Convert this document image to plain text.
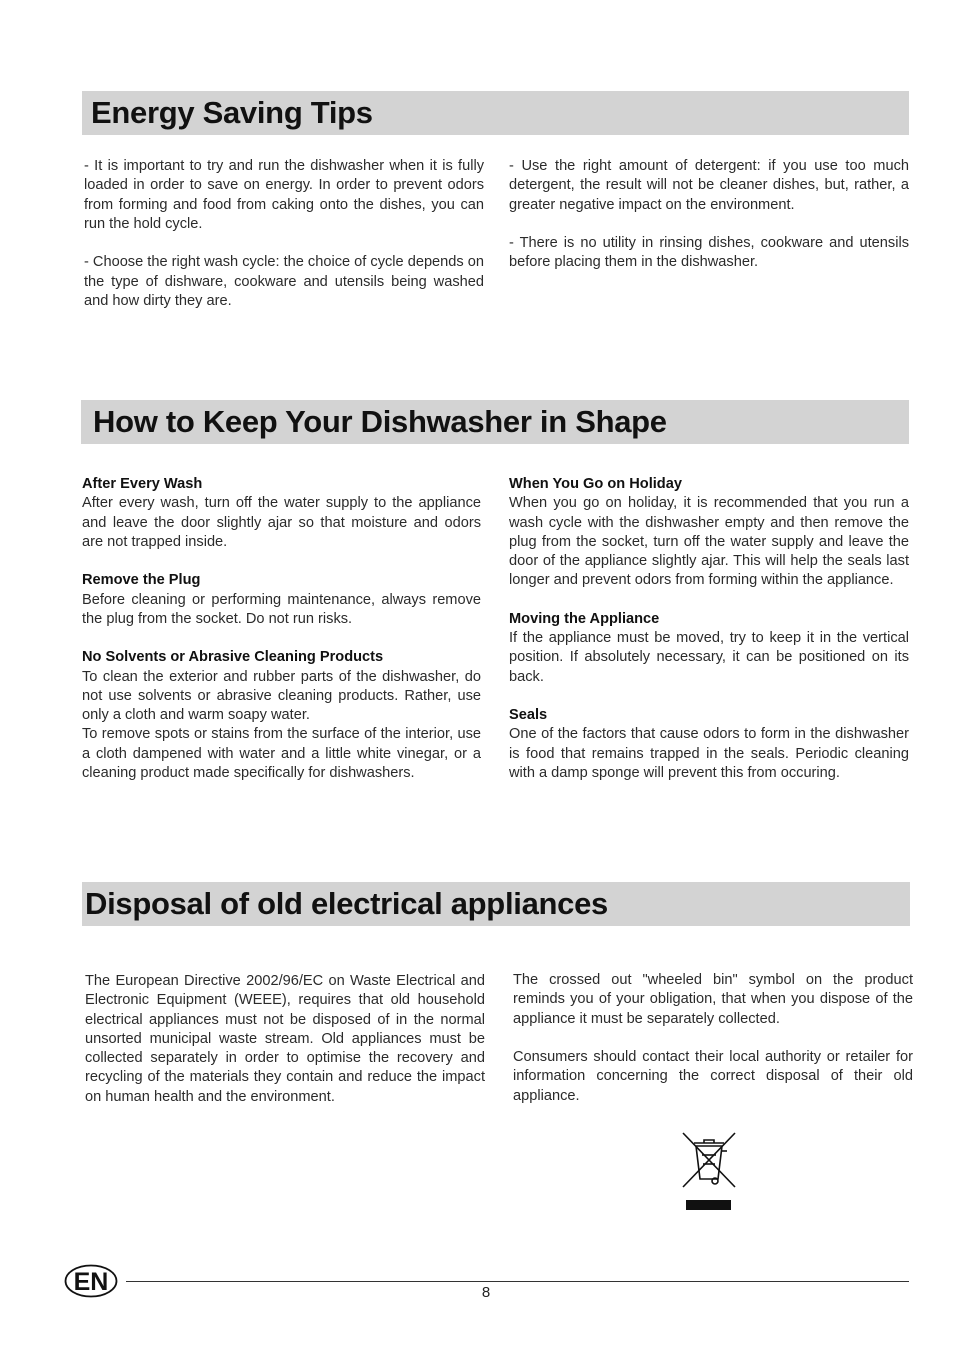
Energy Saving Tips

- It is important to try and run the dishwasher when it is fully loaded in order to save on energy. In order to prevent odors from forming and food from caking onto the dishes, you can run the hold cycle.

- Choose the right wash cycle: the choice of cycle depends on the type of dishware, cookware and utensils being washed and how dirty they are.

- Use the right amount of detergent: if you use too much detergent, the result will not be cleaner dishes, but, rather, a greater negative impact on the environment.

- There is no utility in rinsing dishes, cookware and utensils before placing them in the dishwasher.

How to Keep Your Dishwasher in Shape

After Every Wash
After every wash, turn off the water supply to the appliance and leave the door slightly ajar so that moisture and odors are not trapped inside.

Remove the Plug
Before cleaning or performing maintenance, always remove the plug from the socket. Do not run risks.

No Solvents or Abrasive Cleaning Products
To clean the exterior and rubber parts of the dishwasher, do not use solvents or abrasive cleaning products. Rather, use only a cloth and warm soapy water.

To remove spots or stains from the surface of the interior, use a cloth dampened with water and a little white vinegar, or a cleaning product made specifically for dishwashers.

When You Go on Holiday
When you go on holiday, it is recommended that you run a wash cycle with the dishwasher empty and then remove the plug from the socket, turn off the water supply and leave the door of the appliance slightly ajar. This will help the seals last longer and prevent odors from forming within the appliance.

Moving the Appliance
If the appliance must be moved, try to keep it in the vertical position. If absolutely necessary, it can be positioned on its back.

Seals
One of the factors that cause odors to form in the dishwasher is food that remains trapped in the seals. Periodic cleaning with a damp sponge will prevent this from occuring.

Disposal of old electrical appliances

The European Directive 2002/96/EC on Waste Electrical and Electronic Equipment (WEEE), requires that old household electrical appliances must not be disposed of in the normal unsorted municipal waste stream. Old appliances must be collected separately in order to optimise the recovery and recycling of the materials they contain and reduce the impact on human health and the environment.

The crossed out "wheeled bin" symbol on the product reminds you of your obligation, that when you dispose of the appliance it must be separately collected.

Consumers should contact their local authority or retailer for information concerning the correct disposal of their old appliance.

EN	8
